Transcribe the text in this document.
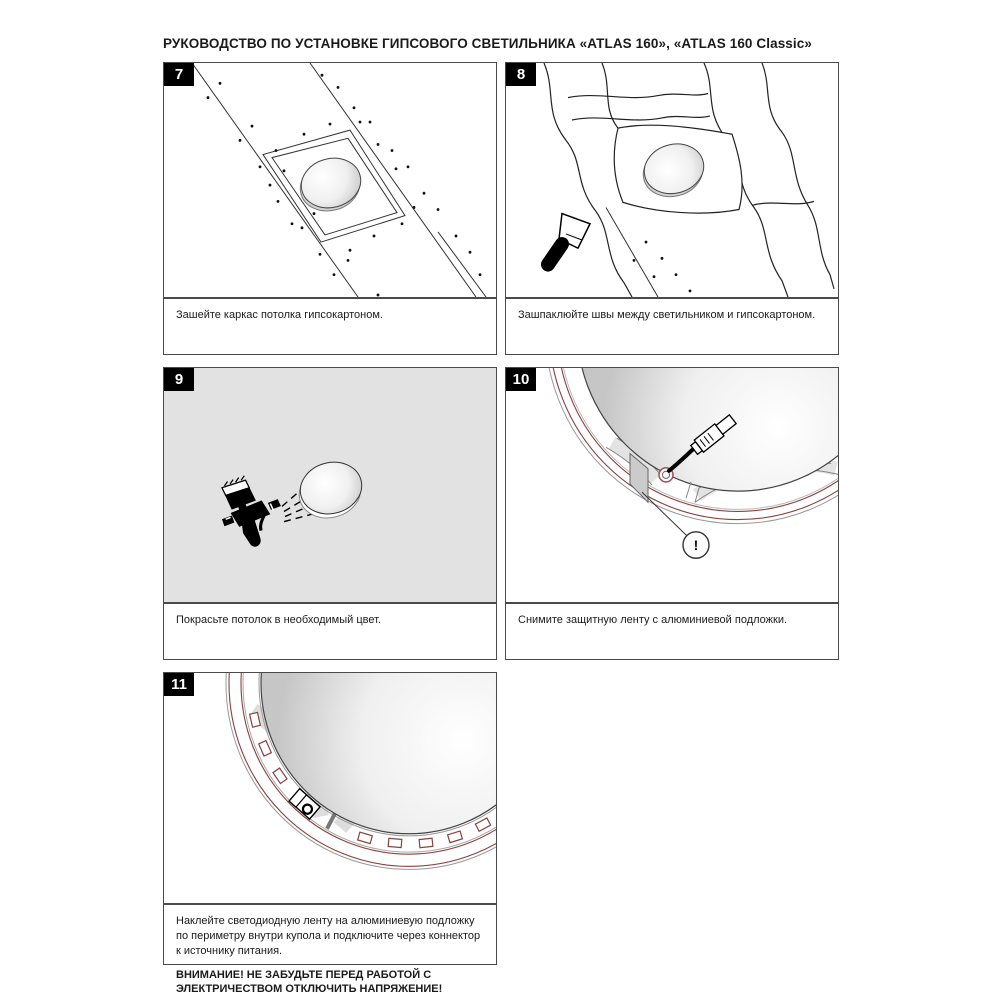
РУКОВОДСТВО ПО УСТАНОВКЕ ГИПСОВОГО СВЕТИЛЬНИКА «ATLAS 160», «ATLAS 160 Classic»
7

Зашейте каркас потолка гипсокартоном.

8

Зашпаклюйте швы между светильником и гипсокартоном.

9

Покрасьте потолок в необходимый цвет.

10
!

Снимите защитную ленту с алюминиевой подложки.

11

Наклейте светодиодную ленту на алюминиевую подложку по периметру внутри купола и подключите через коннектор к источнику питания.

ВНИМАНИЕ! НЕ ЗАБУДЬТЕ ПЕРЕД РАБОТОЙ С ЭЛЕКТРИЧЕСТВОМ ОТКЛЮЧИТЬ НАПРЯЖЕНИЕ!
